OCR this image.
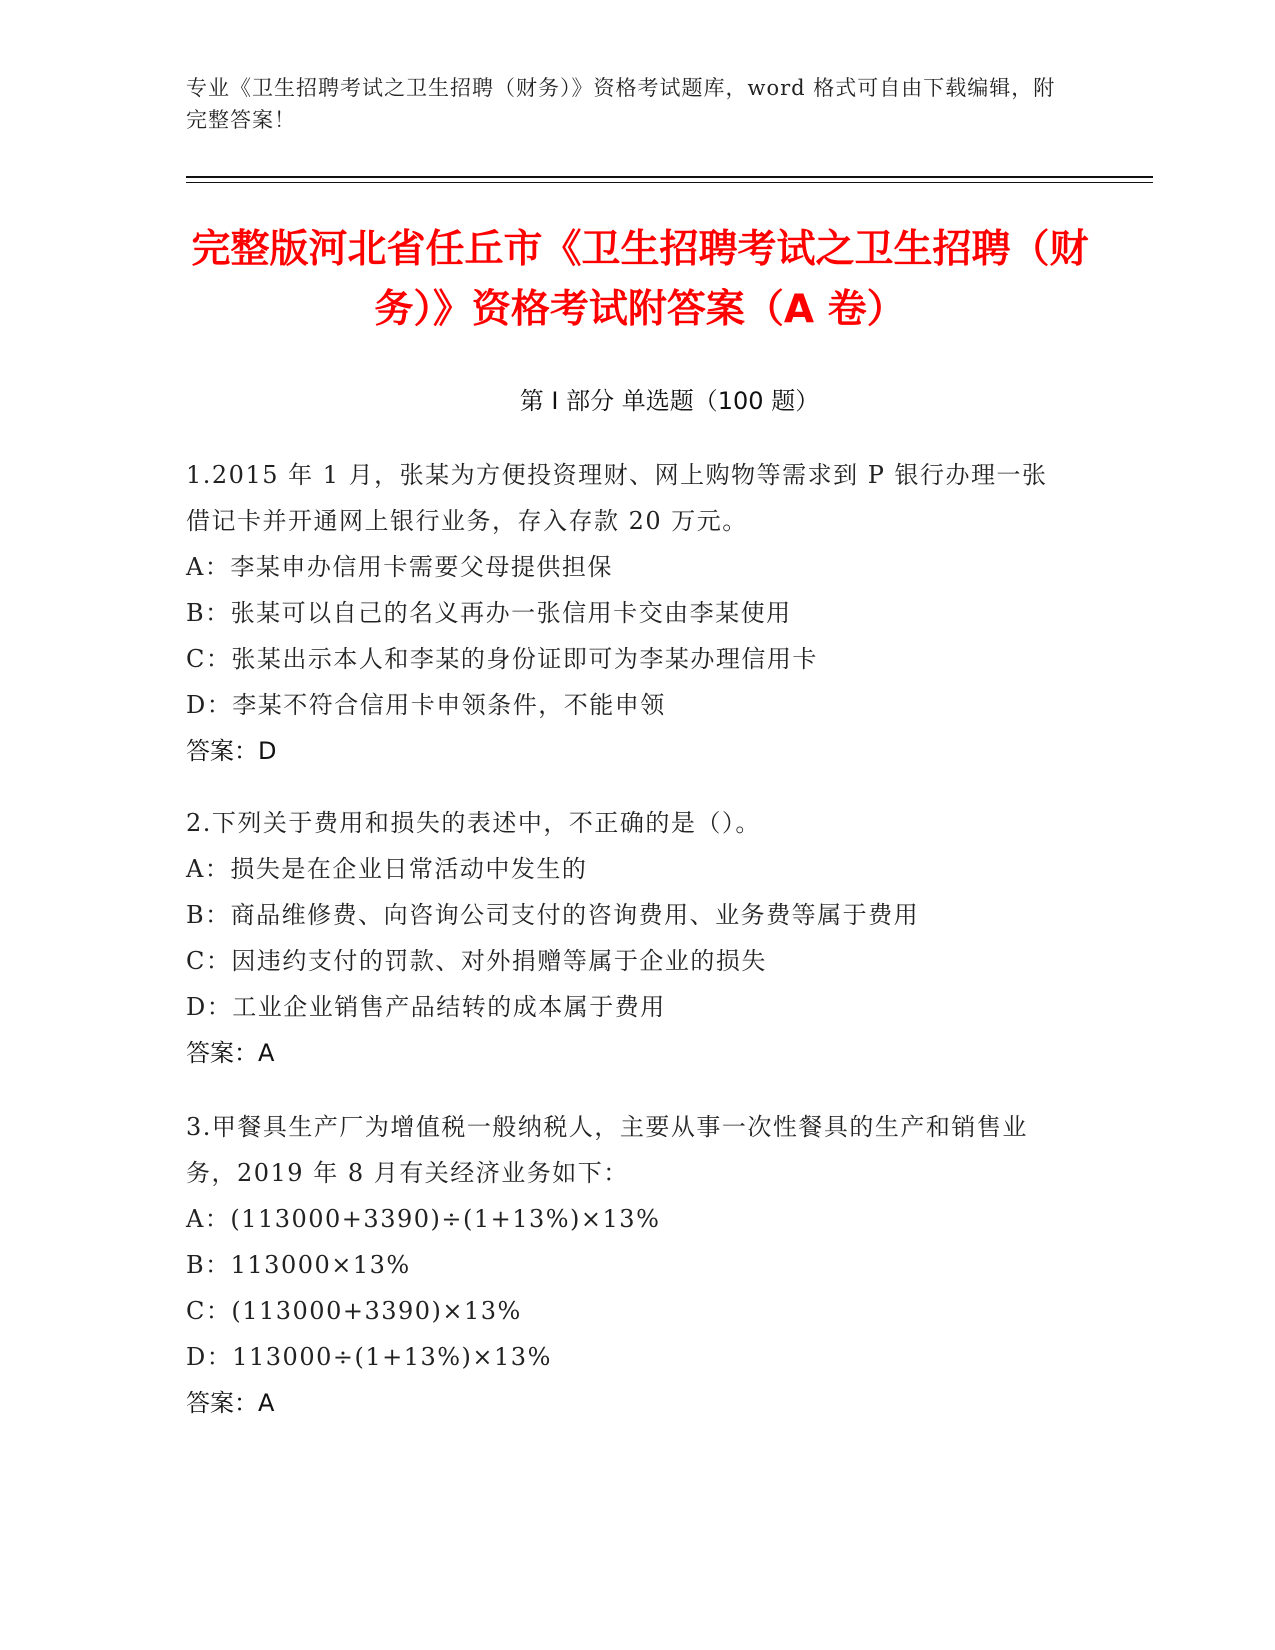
专业《卫生招聘考试之卫生招聘（财务）》资格考试题库，word 格式可自由下载编辑，附完整答案！
完整版河北省任丘市《卫生招聘考试之卫生招聘（财务）》资格考试附答案（A 卷）
第 I 部分 单选题（100 题）
1.2015 年 1 月，张某为方便投资理财、网上购物等需求到 P 银行办理一张借记卡并开通网上银行业务，存入存款 20 万元。
A：李某申办信用卡需要父母提供担保
B：张某可以自己的名义再办一张信用卡交由李某使用
C：张某出示本人和李某的身份证即可为李某办理信用卡
D：李某不符合信用卡申领条件，不能申领
答案：D
2.下列关于费用和损失的表述中，不正确的是（）。
A：损失是在企业日常活动中发生的
B：商品维修费、向咨询公司支付的咨询费用、业务费等属于费用
C：因违约支付的罚款、对外捐赠等属于企业的损失
D：工业企业销售产品结转的成本属于费用
答案：A
3.甲餐具生产厂为增值税一般纳税人，主要从事一次性餐具的生产和销售业务，2019 年 8 月有关经济业务如下：
A：(113000+3390)÷(1+13%)×13%
B：113000×13%
C：(113000+3390)×13%
D：113000÷(1+13%)×13%
答案：A
